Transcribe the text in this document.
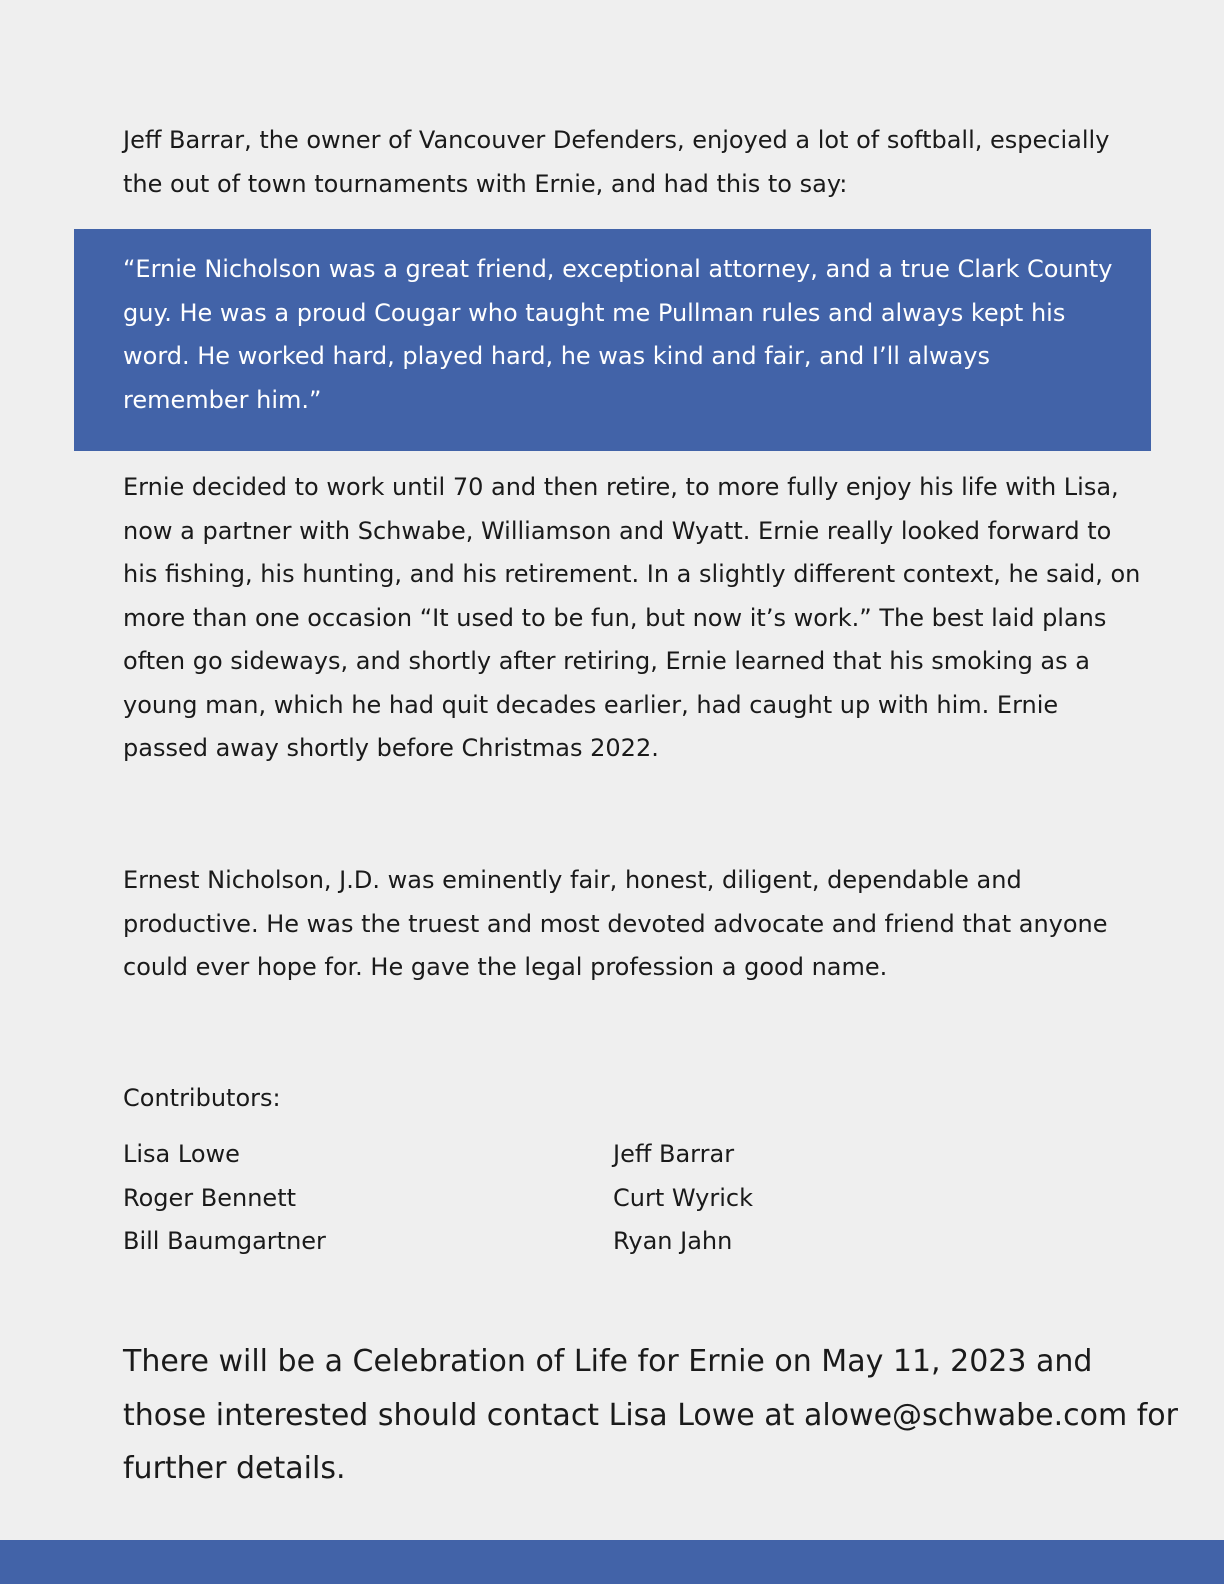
Jeff Barrar, the owner of Vancouver Defenders, enjoyed a lot of softball, especially the out of town tournaments with Ernie, and had this to say:

“Ernie Nicholson was a great friend, exceptional attorney, and a true Clark County guy. He was a proud Cougar who taught me Pullman rules and always kept his word. He worked hard, played hard, he was kind and fair, and I’ll always remember him.”

Ernie decided to work until 70 and then retire, to more fully enjoy his life with Lisa, now a partner with Schwabe, Williamson and Wyatt. Ernie really looked forward to his fishing, his hunting, and his retirement. In a slightly different context, he said, on more than one occasion “It used to be fun, but now it’s work.” The best laid plans often go sideways, and shortly after retiring, Ernie learned that his smoking as a young man, which he had quit decades earlier, had caught up with him. Ernie passed away shortly before Christmas 2022.

Ernest Nicholson, J.D. was eminently fair, honest, diligent, dependable and productive. He was the truest and most devoted advocate and friend that anyone could ever hope for. He gave the legal profession a good name.

Contributors:
Lisa Lowe
Roger Bennett
Bill Baumgartner
Jeff Barrar
Curt Wyrick
Ryan Jahn

There will be a Celebration of Life for Ernie on May 11, 2023 and those interested should contact Lisa Lowe at alowe@schwabe.com for further details.
